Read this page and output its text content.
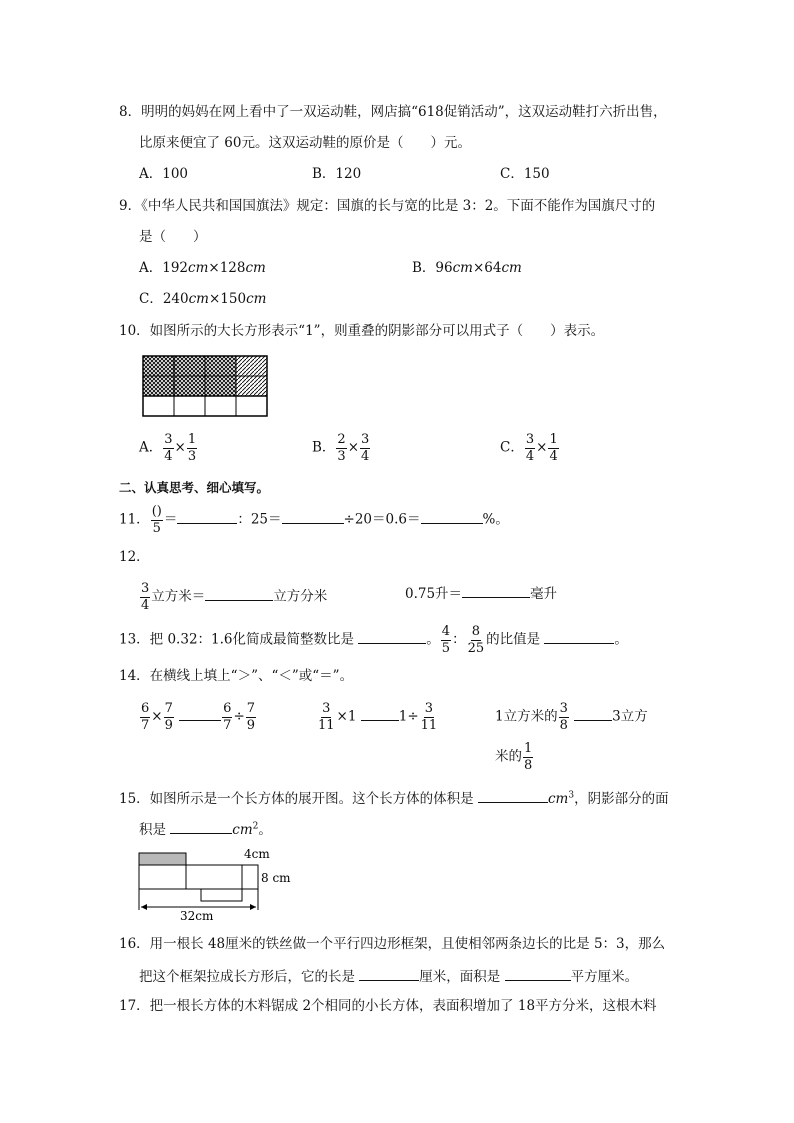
8．明明的妈妈在网上看中了一双运动鞋，网店搞“618促销活动”，这双运动鞋打六折出售，
比原来便宜了 60元。这双运动鞋的原价是（　　）元。
A．100	B．120	C．150
9．《中华人民共和国国旗法》规定：国旗的长与宽的比是 3：2。下面不能作为国旗尺寸的
是（　　）
A．192cm×128cm	B．96cm×64cm
C．240cm×150cm
10．如图所示的大长方形表示“1”，则重叠的阴影部分可以用式子（　　）表示。
A． $\frac{3}{4} \times \frac{1}{3}$	B． $\frac{2}{3} \times \frac{3}{4}$	C． $\frac{3}{4} \times \frac{1}{4}$
二、认真思考、细心填写。
11． $\frac{()}{5}$ ＝	：25＝	÷20＝0.6＝	%。
12．
$\frac{3}{4}$ 立方米＝	立方分米	0.75升＝	毫升
13．把 0.32：1.6化简成最简整数比是	。 $\frac{4}{5}$ ： $\frac{8}{25}$ 的比值是	。
14．在横线上填上“＞”、“＜”或“＝”。
$\frac{6}{7} \times \frac{7}{9}$
	$\frac{6}{7} \div \frac{7}{9}$	$\frac{3}{11} \times 1$	$1\div \frac{3}{11}$	1立方米的 $\frac{3}{8}$	3立方
米的 $\frac{1}{8}$
15．如图所示是一个长方体的展开图。这个长方体的体积是	$cm^3$，阴影部分的面
积是	$cm^2$。
4cm
8 cm
32cm
16．用一根长 48厘米的铁丝做一个平行四边形框架，且使相邻两条边长的比是 5：3，那么
把这个框架拉成长方形后，它的长是	厘米，面积是	平方厘米。
17．把一根长方体的木料锯成 2个相同的小长方体，表面积增加了 18平方分米，这根木料
